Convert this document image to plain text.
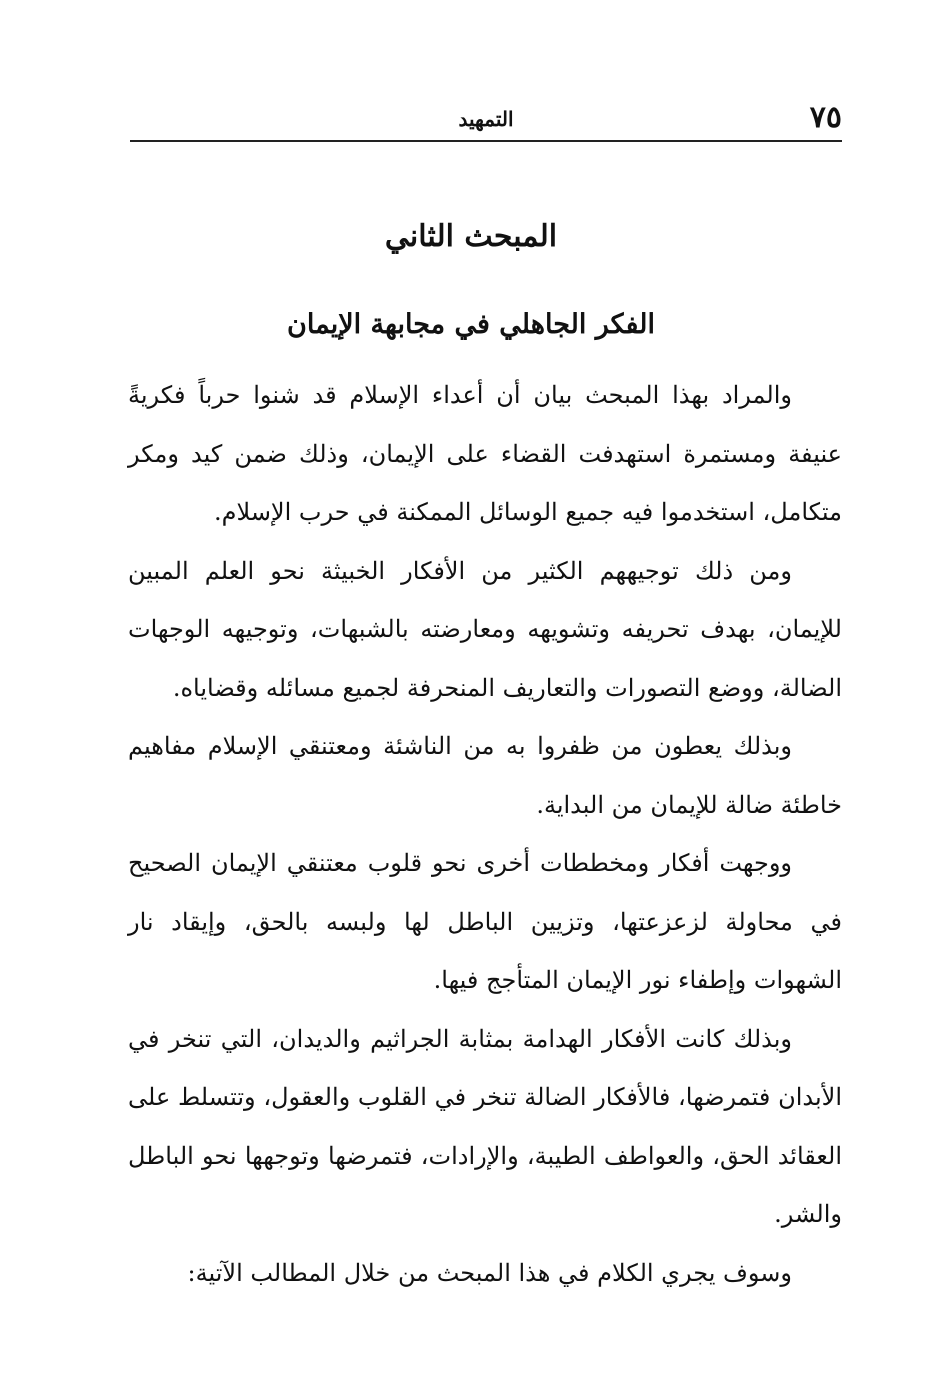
٧٥
التمهيد
المبحث الثاني
الفكر الجاهلي في مجابهة الإيمان

والمراد بهذا المبحث بيان أن أعداء الإسلام قد شنوا حرباً فكريةً عنيفة ومستمرة استهدفت القضاء على الإيمان، وذلك ضمن كيد ومكر متكامل، استخدموا فيه جميع الوسائل الممكنة في حرب الإسلام.

ومن ذلك توجيههم الكثير من الأفكار الخبيثة نحو العلم المبين للإيمان، بهدف تحريفه وتشويهه ومعارضته بالشبهات، وتوجيهه الوجهات الضالة، ووضع التصورات والتعاريف المنحرفة لجميع مسائله وقضاياه.

وبذلك يعطون من ظفروا به من الناشئة ومعتنقي الإسلام مفاهيم خاطئة ضالة للإيمان من البداية.

ووجهت أفكار ومخططات أخرى نحو قلوب معتنقي الإيمان الصحيح في محاولة لزعزعتها، وتزيين الباطل لها ولبسه بالحق، وإيقاد نار الشهوات وإطفاء نور الإيمان المتأجج فيها.

وبذلك كانت الأفكار الهدامة بمثابة الجراثيم والديدان، التي تنخر في الأبدان فتمرضها، فالأفكار الضالة تنخر في القلوب والعقول، وتتسلط على العقائد الحق، والعواطف الطيبة، والإرادات، فتمرضها وتوجهها نحو الباطل والشر.

وسوف يجري الكلام في هذا المبحث من خلال المطالب الآتية:
